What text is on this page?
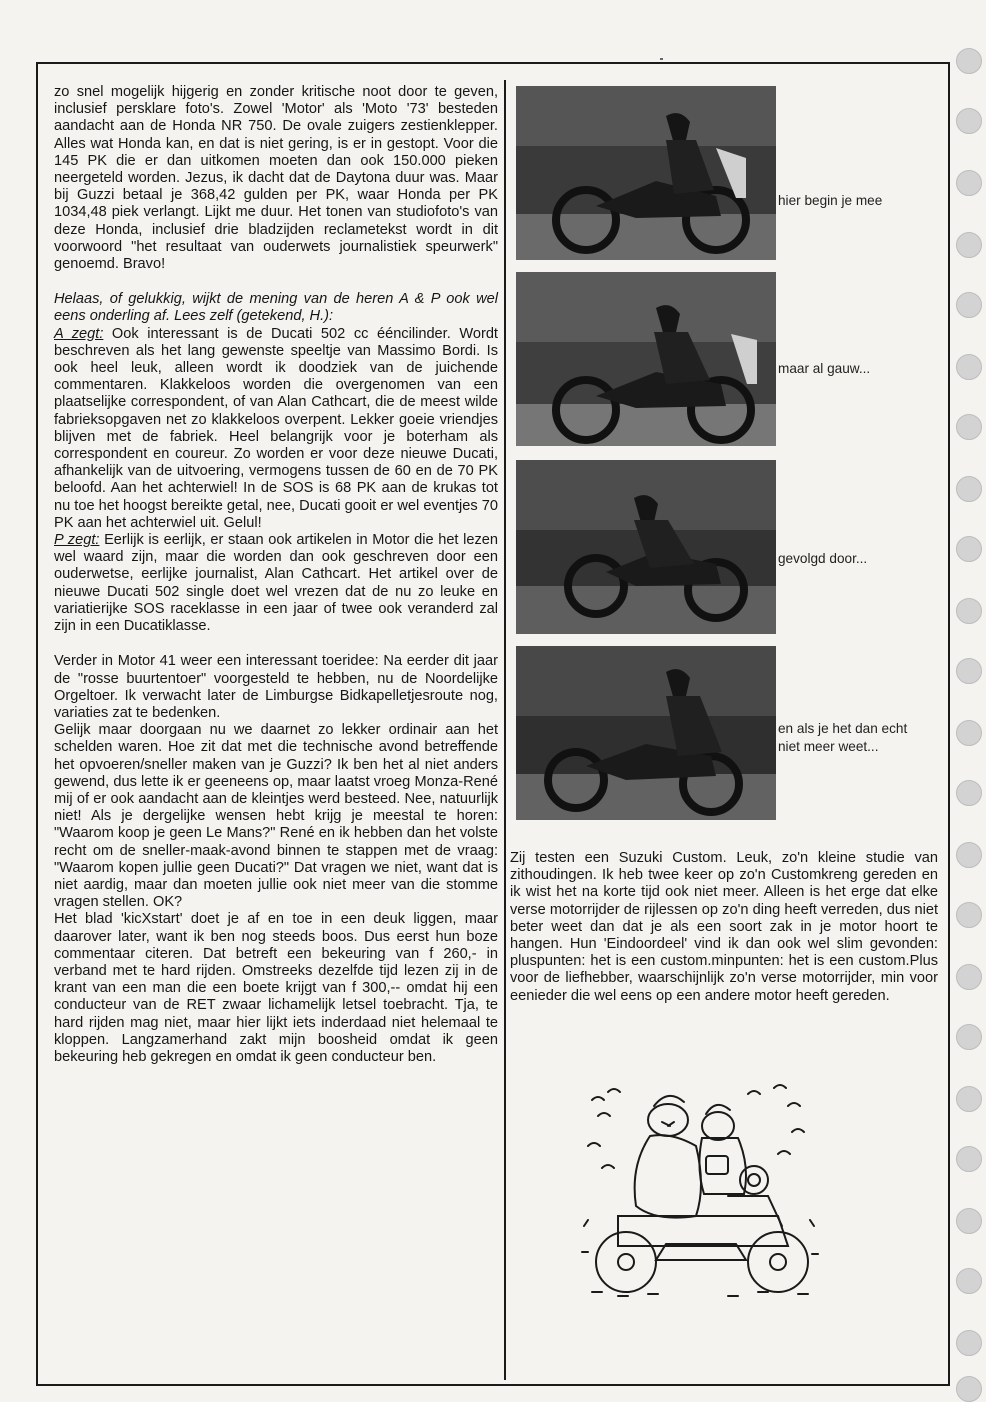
zo snel mogelijk hijgerig en zonder kritische noot door te geven, inclusief persklare foto's. Zowel 'Motor' als 'Moto '73' besteden aandacht aan de Honda NR 750. De ovale zuigers zestienklepper. Alles wat Honda kan, en dat is niet gering, is er in gestopt. Voor die 145 PK die er dan uitkomen moeten dan ook 150.000 pieken neergeteld worden. Jezus, ik dacht dat de Daytona duur was. Maar bij Guzzi betaal je 368,42 gulden per PK, waar Honda per PK 1034,48 piek verlangt. Lijkt me duur. Het tonen van studiofoto's van deze Honda, inclusief drie bladzijden reclametekst wordt in dit voorwoord "het resultaat van ouderwets journalistiek speurwerk" genoemd. Bravo!

Helaas, of gelukkig, wijkt de mening van de heren A & P ook wel eens onderling af. Lees zelf (getekend, H.):

A zegt: Ook interessant is de Ducati 502 cc ééncilinder. Wordt beschreven als het lang gewenste speeltje van Massimo Bordi. Is ook heel leuk, alleen wordt ik doodziek van de juichende commentaren. Klakkeloos worden die overgenomen van een plaatselijke correspondent, of van Alan Cathcart, die de meest wilde fabrieksopgaven net zo klakkeloos overpent. Lekker goeie vriendjes blijven met de fabriek. Heel belangrijk voor je boterham als correspondent en coureur. Zo worden er voor deze nieuwe Ducati, afhankelijk van de uitvoering, vermogens tussen de 60 en de 70 PK beloofd. Aan het achterwiel! In de SOS is 68 PK aan de krukas tot nu toe het hoogst bereikte getal, nee, Ducati gooit er wel eventjes 70 PK aan het achterwiel uit. Gelul!

P zegt: Eerlijk is eerlijk, er staan ook artikelen in Motor die het lezen wel waard zijn, maar die worden dan ook geschreven door een ouderwetse, eerlijke journalist, Alan Cathcart. Het artikel over de nieuwe Ducati 502 single doet wel vrezen dat de nu zo leuke en variatierijke SOS raceklasse in een jaar of twee ook veranderd zal zijn in een Ducatiklasse.

Verder in Motor 41 weer een interessant toeridee: Na eerder dit jaar de "rosse buurtentoer" voorgesteld te hebben, nu de Noordelijke Orgeltoer. Ik verwacht later de Limburgse Bidkapelletjesroute nog, variaties zat te bedenken.

Gelijk maar doorgaan nu we daarnet zo lekker ordinair aan het schelden waren. Hoe zit dat met die technische avond betreffende het opvoeren/sneller maken van je Guzzi? Ik ben het al niet anders gewend, dus lette ik er geeneens op, maar laatst vroeg Monza-René mij of er ook aandacht aan de kleintjes werd besteed. Nee, natuurlijk niet! Als je dergelijke wensen hebt krijg je meestal te horen: "Waarom koop je geen Le Mans?" René en ik hebben dan het volste recht om de sneller-maak-avond binnen te stappen met de vraag: "Waarom kopen jullie geen Ducati?" Dat vragen we niet, want dat is niet aardig, maar dan moeten jullie ook niet meer van die stomme vragen stellen. OK?

Het blad 'kicXstart' doet je af en toe in een deuk liggen, maar daarover later, want ik ben nog steeds boos. Dus eerst hun boze commentaar citeren. Dat betreft een bekeuring van f 260,- in verband met te hard rijden. Omstreeks dezelfde tijd lezen zij in de krant van een man die een boete krijgt van f 300,-- omdat hij een conducteur van de RET zwaar lichamelijk letsel toebracht. Tja, te hard rijden mag niet, maar hier lijkt iets inderdaad niet helemaal te kloppen. Langzamerhand zakt mijn boosheid omdat ik geen bekeuring heb gekregen en omdat ik geen conducteur ben.

hier begin je mee
maar al gauw...
gevolgd door...
en als je het dan echt
niet meer weet...

Zij testen een Suzuki Custom. Leuk, zo'n kleine studie van zithoudingen. Ik heb twee keer op zo'n Customkreng gereden en ik wist het na korte tijd ook niet meer. Alleen is het erge dat elke verse motorrijder de rijlessen op zo'n ding heeft verreden, dus niet beter weet dan dat je als een soort zak in je motor hoort te hangen. Hun 'Eindoordeel' vind ik dan ook wel slim gevonden: pluspunten: het is een custom.minpunten: het is een custom.Plus voor de liefhebber, waarschijnlijk zo'n verse motorrijder, min voor eenieder die wel eens op een andere motor heeft gereden.
